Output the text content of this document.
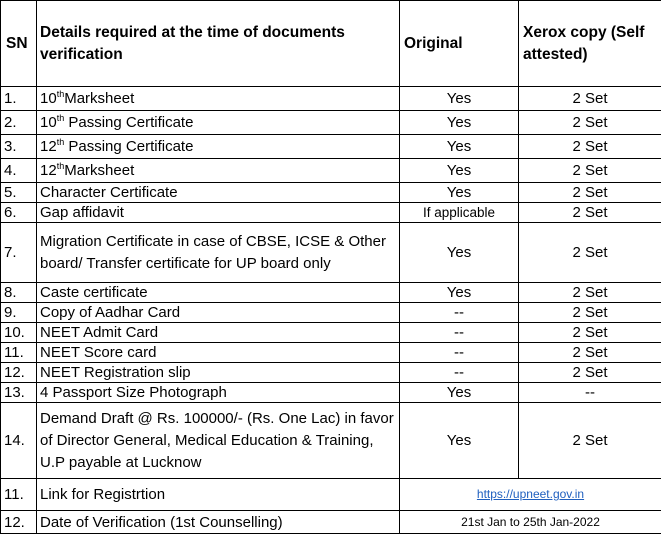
SN	Details required at the time of documents verification	Original	Xerox copy (Self attested)
1.	10thMarksheet	Yes	2 Set
2.	10th Passing Certificate	Yes	2 Set
3.	12th Passing Certificate	Yes	2 Set
4.	12thMarksheet	Yes	2 Set
5.	Character Certificate	Yes	2 Set
6.	Gap affidavit	If applicable	2 Set
7.	Migration Certificate in case of CBSE, ICSE & Other board/ Transfer certificate for UP board only	Yes	2 Set
8.	Caste certificate	Yes	2 Set
9.	Copy of Aadhar Card	--	2 Set
10.	NEET Admit Card	--	2 Set
11.	NEET Score card	--	2 Set
12.	NEET Registration slip	--	2 Set
13.	4 Passport Size Photograph	Yes	--
14.	Demand Draft @ Rs. 100000/- (Rs. One Lac) in favor of Director General, Medical Education & Training, U.P payable at Lucknow	Yes	2 Set
11.	Link for Registrtion	https://upneet.gov.in	
12.	Date of Verification (1st Counselling)	21st Jan to 25th Jan-2022	
